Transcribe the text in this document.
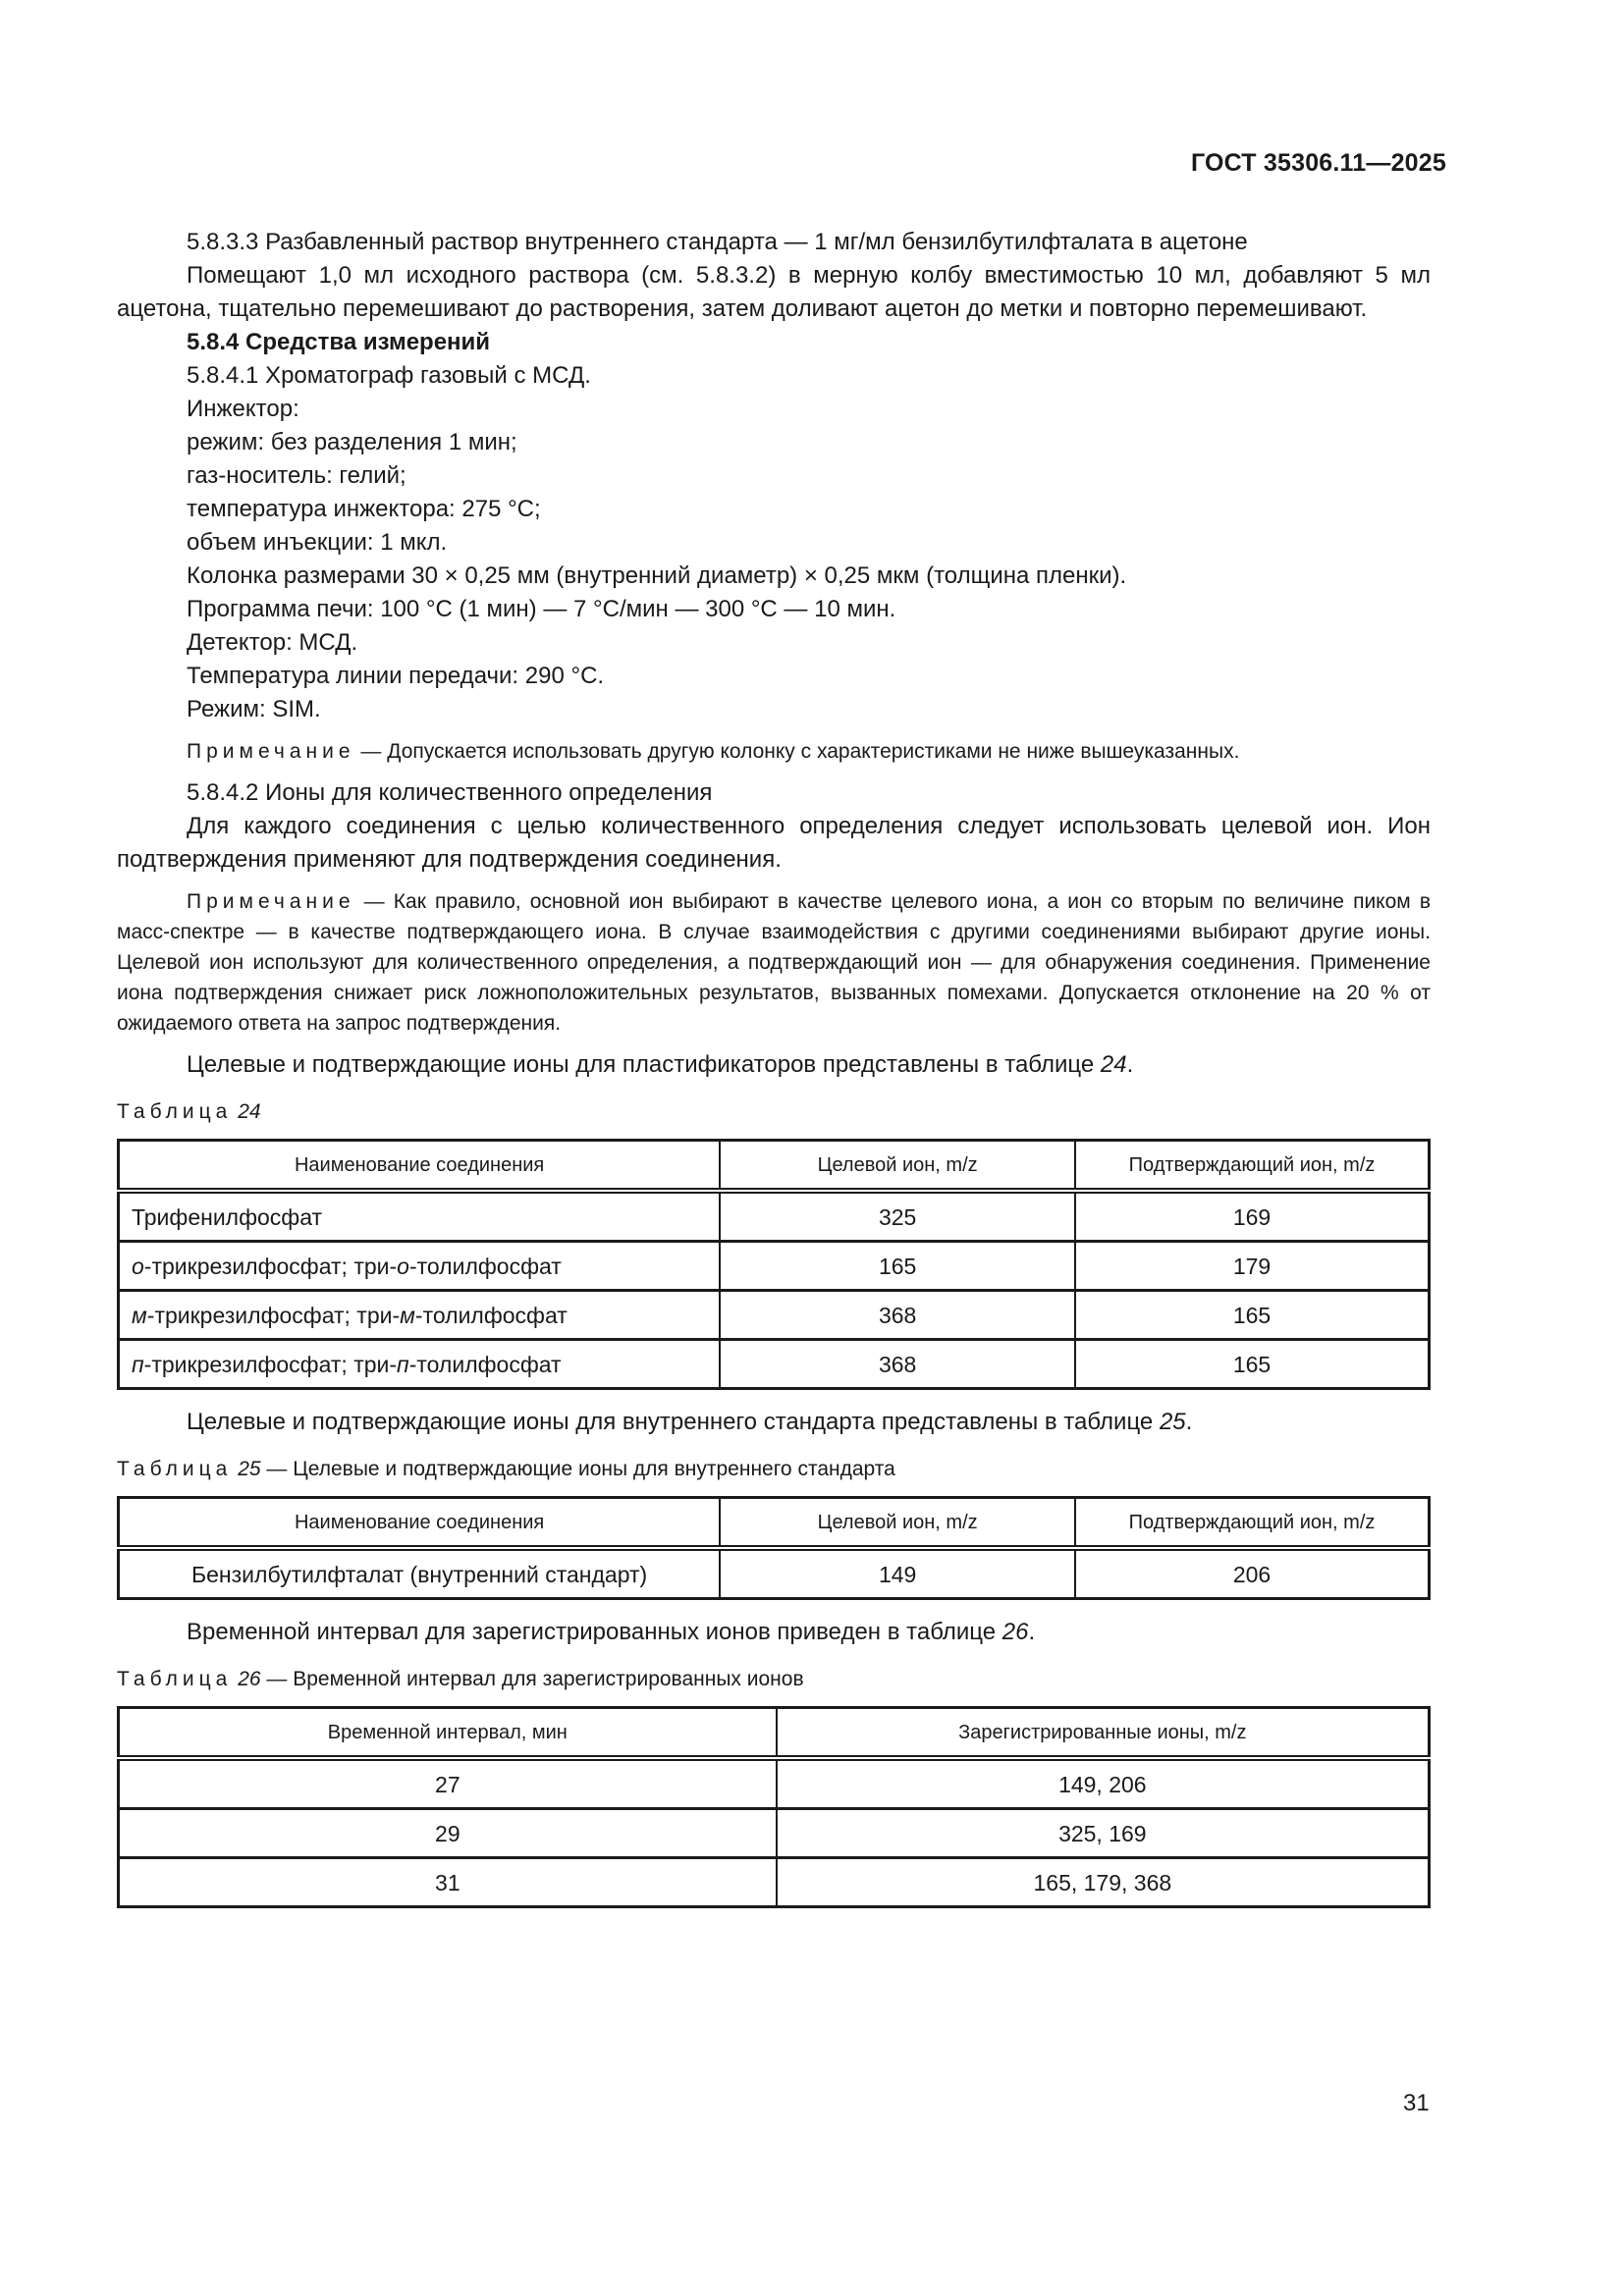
ГОСТ 35306.11—2025

5.8.3.3 Разбавленный раствор внутреннего стандарта — 1 мг/мл бензилбутилфталата в ацетоне

Помещают 1,0 мл исходного раствора (см. 5.8.3.2) в мерную колбу вместимостью 10 мл, добавляют 5 мл ацетона, тщательно перемешивают до растворения, затем доливают ацетон до метки и повторно перемешивают.

5.8.4 Средства измерений

5.8.4.1 Хроматограф газовый с МСД.

Инжектор:

режим: без разделения 1 мин;

газ-носитель: гелий;

температура инжектора: 275 °С;

объем инъекции: 1 мкл.

Колонка размерами 30 × 0,25 мм (внутренний диаметр) × 0,25 мкм (толщина пленки).

Программа печи: 100 °С (1 мин) — 7 °С/мин — 300 °С — 10 мин.

Детектор: МСД.

Температура линии передачи: 290 °С.

Режим: SIM.

Примечание — Допускается использовать другую колонку с характеристиками не ниже вышеуказанных.

5.8.4.2 Ионы для количественного определения

Для каждого соединения с целью количественного определения следует использовать целевой ион. Ион подтверждения применяют для подтверждения соединения.

Примечание — Как правило, основной ион выбирают в качестве целевого иона, а ион со вторым по величине пиком в масс-спектре — в качестве подтверждающего иона. В случае взаимодействия с другими соединениями выбирают другие ионы. Целевой ион используют для количественного определения, а подтверждающий ион — для обнаружения соединения. Применение иона подтверждения снижает риск ложноположительных результатов, вызванных помехами. Допускается отклонение на 20 % от ожидаемого ответа на запрос подтверждения.

Целевые и подтверждающие ионы для пластификаторов представлены в таблице 24.

Таблица 24

Наименование соединения	Целевой ион, m/z	Подтверждающий ион, m/z
Трифенилфосфат	325	169
о-трикрезилфосфат; три-о-толилфосфат	165	179
м-трикрезилфосфат; три-м-толилфосфат	368	165
п-трикрезилфосфат; три-п-толилфосфат	368	165

Целевые и подтверждающие ионы для внутреннего стандарта представлены в таблице 25.

Таблица 25 — Целевые и подтверждающие ионы для внутреннего стандарта

Наименование соединения	Целевой ион, m/z	Подтверждающий ион, m/z
Бензилбутилфталат (внутренний стандарт)	149	206

Временной интервал для зарегистрированных ионов приведен в таблице 26.

Таблица 26 — Временной интервал для зарегистрированных ионов

Временной интервал, мин	Зарегистрированные ионы, m/z
27	149, 206
29	325, 169
31	165, 179, 368
31
